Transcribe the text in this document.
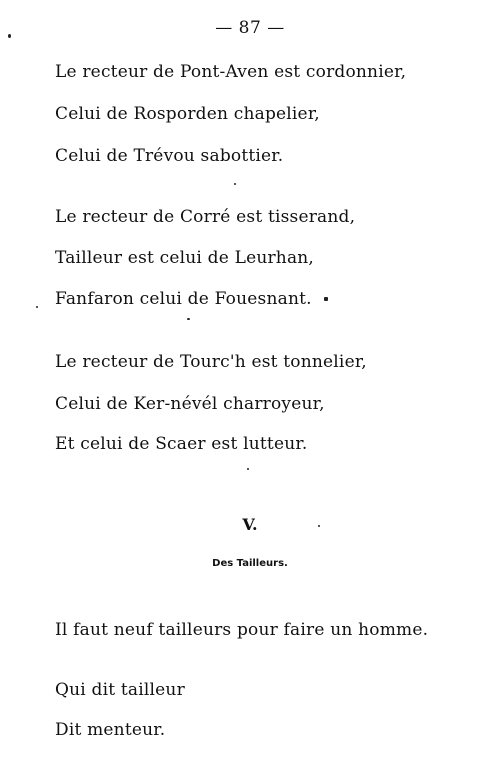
— 87 —
Le recteur de Pont-Aven est cordonnier,
Celui de Rosporden chapelier,
Celui de Trévou sabottier.
Le recteur de Corré est tisserand,
Tailleur est celui de Leurhan,
Fanfaron celui de Fouesnant.
Le recteur de Tourc'h est tonnelier,
Celui de Ker-névél charroyeur,
Et celui de Scaer est lutteur.
V.
Des Tailleurs.
Il faut neuf tailleurs pour faire un homme.
Qui dit tailleur
Dit menteur.
